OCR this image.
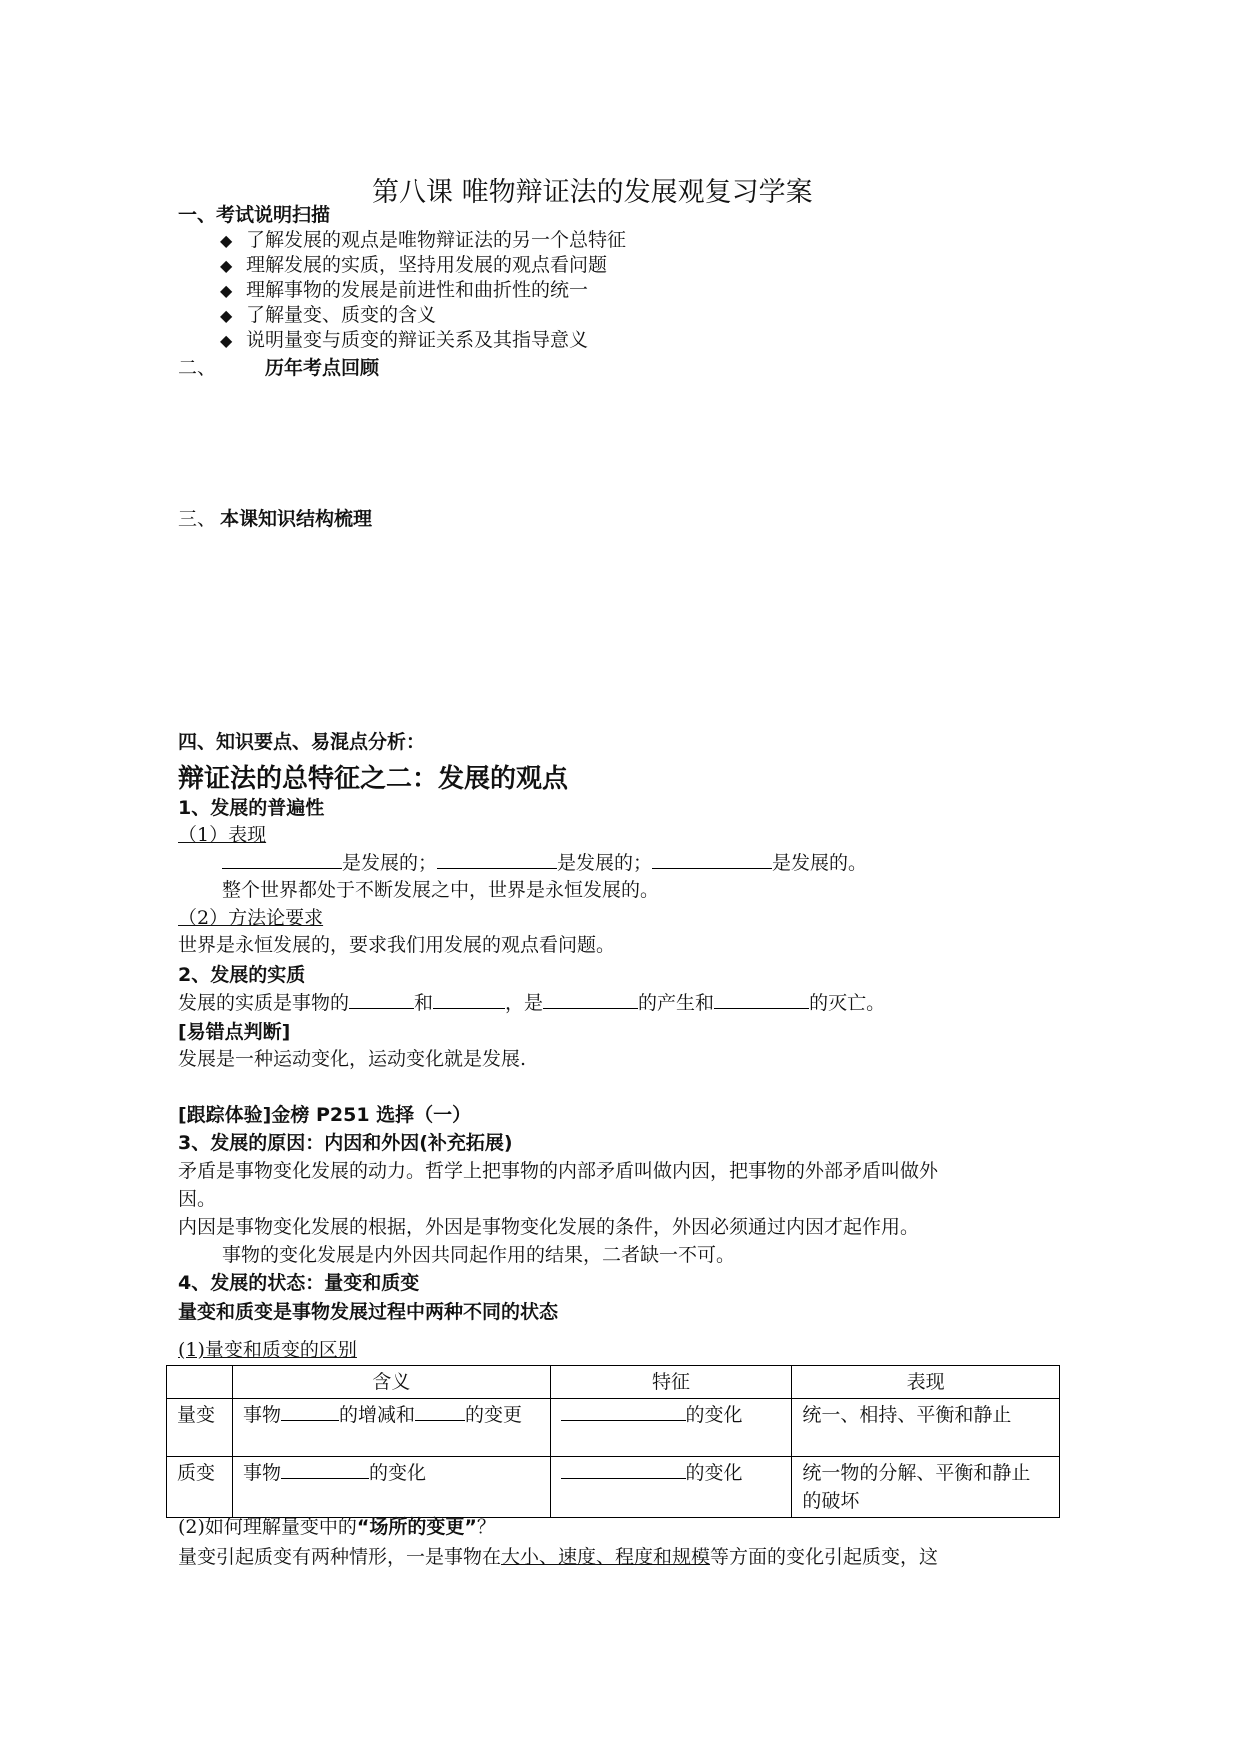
第八课 唯物辩证法的发展观复习学案
一、考试说明扫描
◆ 了解发展的观点是唯物辩证法的另一个总特征
◆ 理解发展的实质，坚持用发展的观点看问题
◆ 理解事物的发展是前进性和曲折性的统一
◆ 了解量变、质变的含义
◆ 说明量变与质变的辩证关系及其指导意义
二、	历年考点回顾
三、 本课知识结构梳理
四、知识要点、易混点分析：
辩证法的总特征之二：发展的观点
1、发展的普遍性
（1）表现
是发展的；	是发展的；	是发展的。
整个世界都处于不断发展之中，世界是永恒发展的。
（2）方法论要求
世界是永恒发展的，要求我们用发展的观点看问题。
2、发展的实质
发展的实质是事物的	和	，是	的产生和	的灭亡。
[易错点判断]
发展是一种运动变化，运动变化就是发展.
[跟踪体验]金榜 P251 选择（一）
3、发展的原因：内因和外因(补充拓展)
矛盾是事物变化发展的动力。哲学上把事物的内部矛盾叫做内因，把事物的外部矛盾叫做外
因。
内因是事物变化发展的根据，外因是事物变化发展的条件，外因必须通过内因才起作用。
事物的变化发展是内外因共同起作用的结果，二者缺一不可。
4、发展的状态：量变和质变
量变和质变是事物发展过程中两种不同的状态
(1)量变和质变的区别
	含义	特征	表现
量变	事物 的增减和 的变更	的变化	统一、相持、平衡和静止
质变	事物 的变化	的变化	统一物的分解、平衡和静止的破坏
(2)如何理解量变中的“场所的变更”？
量变引起质变有两种情形，一是事物在大小、速度、程度和规模等方面的变化引起质变，这
